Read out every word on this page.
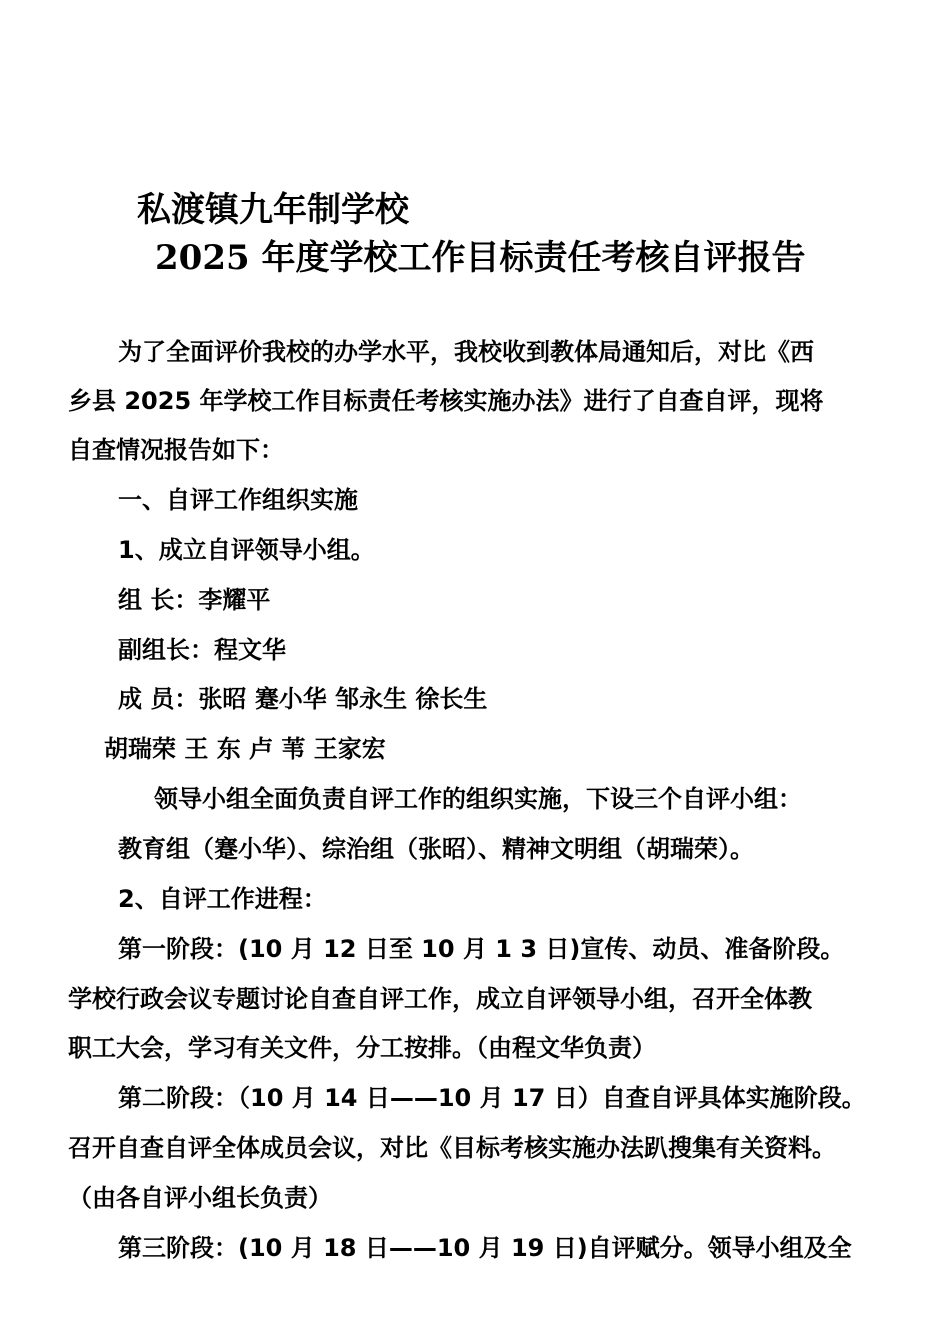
私渡镇九年制学校
2025 年度学校工作目标责任考核自评报告
为了全面评价我校的办学水平，我校收到教体局通知后，对比《西
乡县 2025 年学校工作目标责任考核实施办法》进行了自查自评，现将
自查情况报告如下：
一、自评工作组织实施
1、成立自评领导小组。
组 长：李耀平
副组长：程文华
成 员：张昭 蹇小华 邹永生 徐长生
胡瑞荣 王 东 卢 苇 王家宏
领导小组全面负责自评工作的组织实施，下设三个自评小组：
教育组（蹇小华）、综治组（张昭）、精神文明组（胡瑞荣）。
2、自评工作进程：
第一阶段：(10 月 12 日至 10 月 1 3 日)宣传、动员、准备阶段。
学校行政会议专题讨论自查自评工作，成立自评领导小组，召开全体教
职工大会，学习有关文件，分工按排。（由程文华负责）
第二阶段：（10 月 14 日——10 月 17 日）自查自评具体实施阶段。
召开自查自评全体成员会议，对比《目标考核实施办法趴搜集有关资料。
（由各自评小组长负责）
第三阶段：(10 月 18 日——10 月 19 日)自评赋分。领导小组及全
